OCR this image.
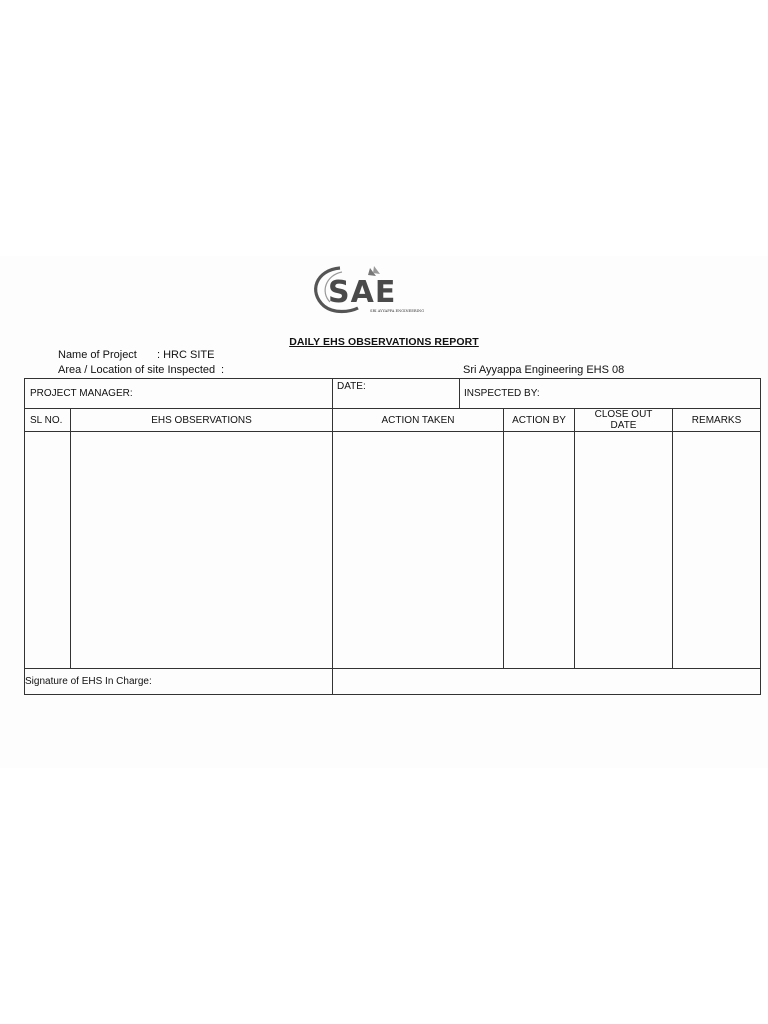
SAE
SRI AYYAPPA ENGINEERING
DAILY EHS OBSERVATIONS REPORT
Name of Project : HRC SITE
Area / Location of site Inspected :	Sri Ayyappa Engineering EHS 08
PROJECT MANAGER:		DATE:	INSPECTED BY:			
SL NO.	EHS OBSERVATIONS	ACTION TAKEN		ACTION BY	CLOSE OUT DATE	REMARKS

Signature of EHS In Charge:						
